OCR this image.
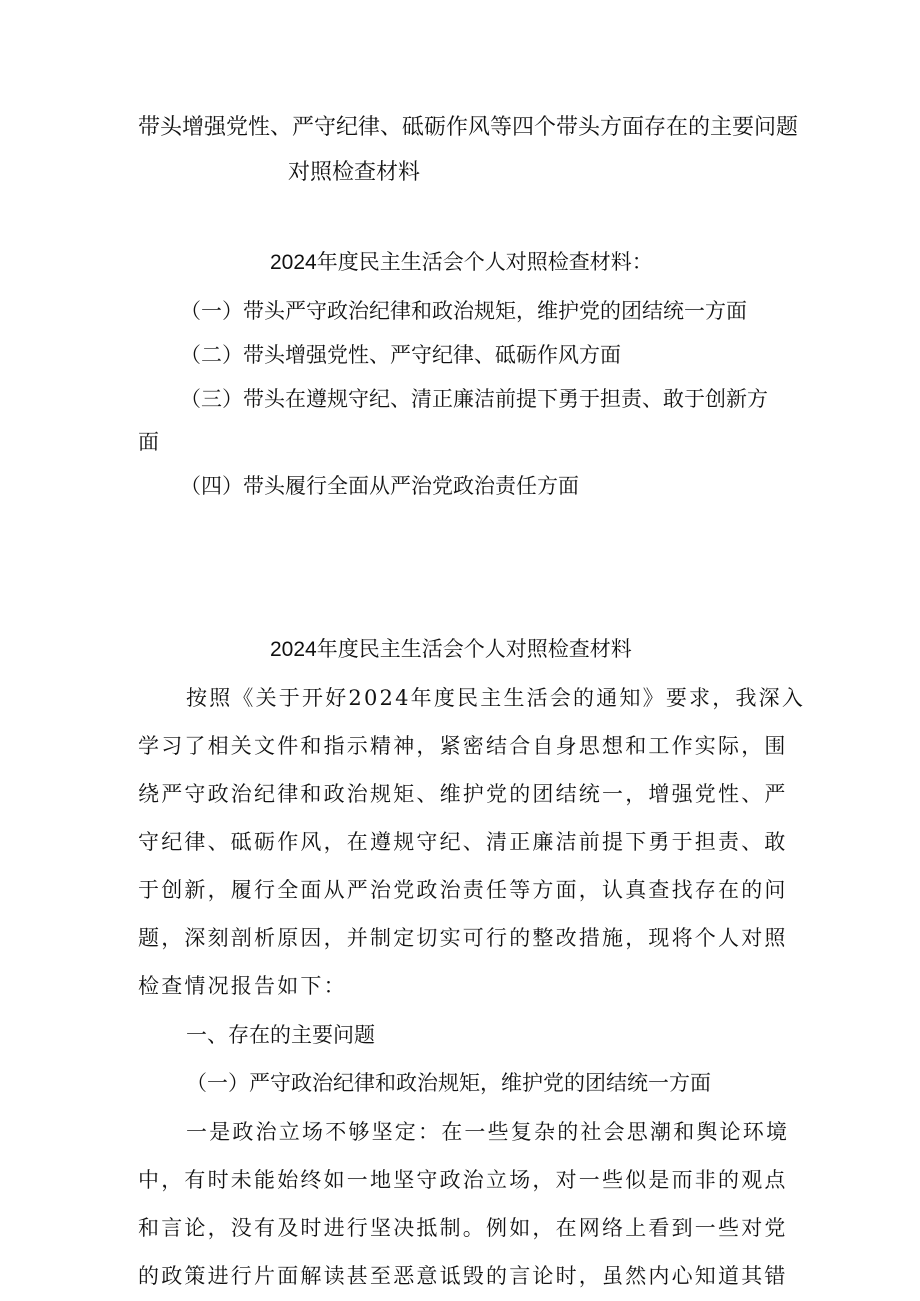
带头增强党性、严守纪律、砥砺作风等四个带头方面存在的主要问题
对照检查材料
2024年度民主生活会个人对照检查材料：
（一）带头严守政治纪律和政治规矩，维护党的团结统一方面
（二）带头增强党性、严守纪律、砥砺作风方面
（三）带头在遵规守纪、清正廉洁前提下勇于担责、敢于创新方
面
（四）带头履行全面从严治党政治责任方面
2024年度民主生活会个人对照检查材料
按照《关于开好2024年度民主生活会的通知》要求，我深入
学习了相关文件和指示精神，紧密结合自身思想和工作实际，围
绕严守政治纪律和政治规矩、维护党的团结统一，增强党性、严
守纪律、砥砺作风，在遵规守纪、清正廉洁前提下勇于担责、敢
于创新，履行全面从严治党政治责任等方面，认真查找存在的问
题，深刻剖析原因，并制定切实可行的整改措施，现将个人对照
检查情况报告如下：
一、存在的主要问题
（一）严守政治纪律和政治规矩，维护党的团结统一方面
一是政治立场不够坚定：在一些复杂的社会思潮和舆论环境
中，有时未能始终如一地坚守政治立场，对一些似是而非的观点
和言论，没有及时进行坚决抵制。例如，在网络上看到一些对党
的政策进行片面解读甚至恶意诋毁的言论时，虽然内心知道其错
